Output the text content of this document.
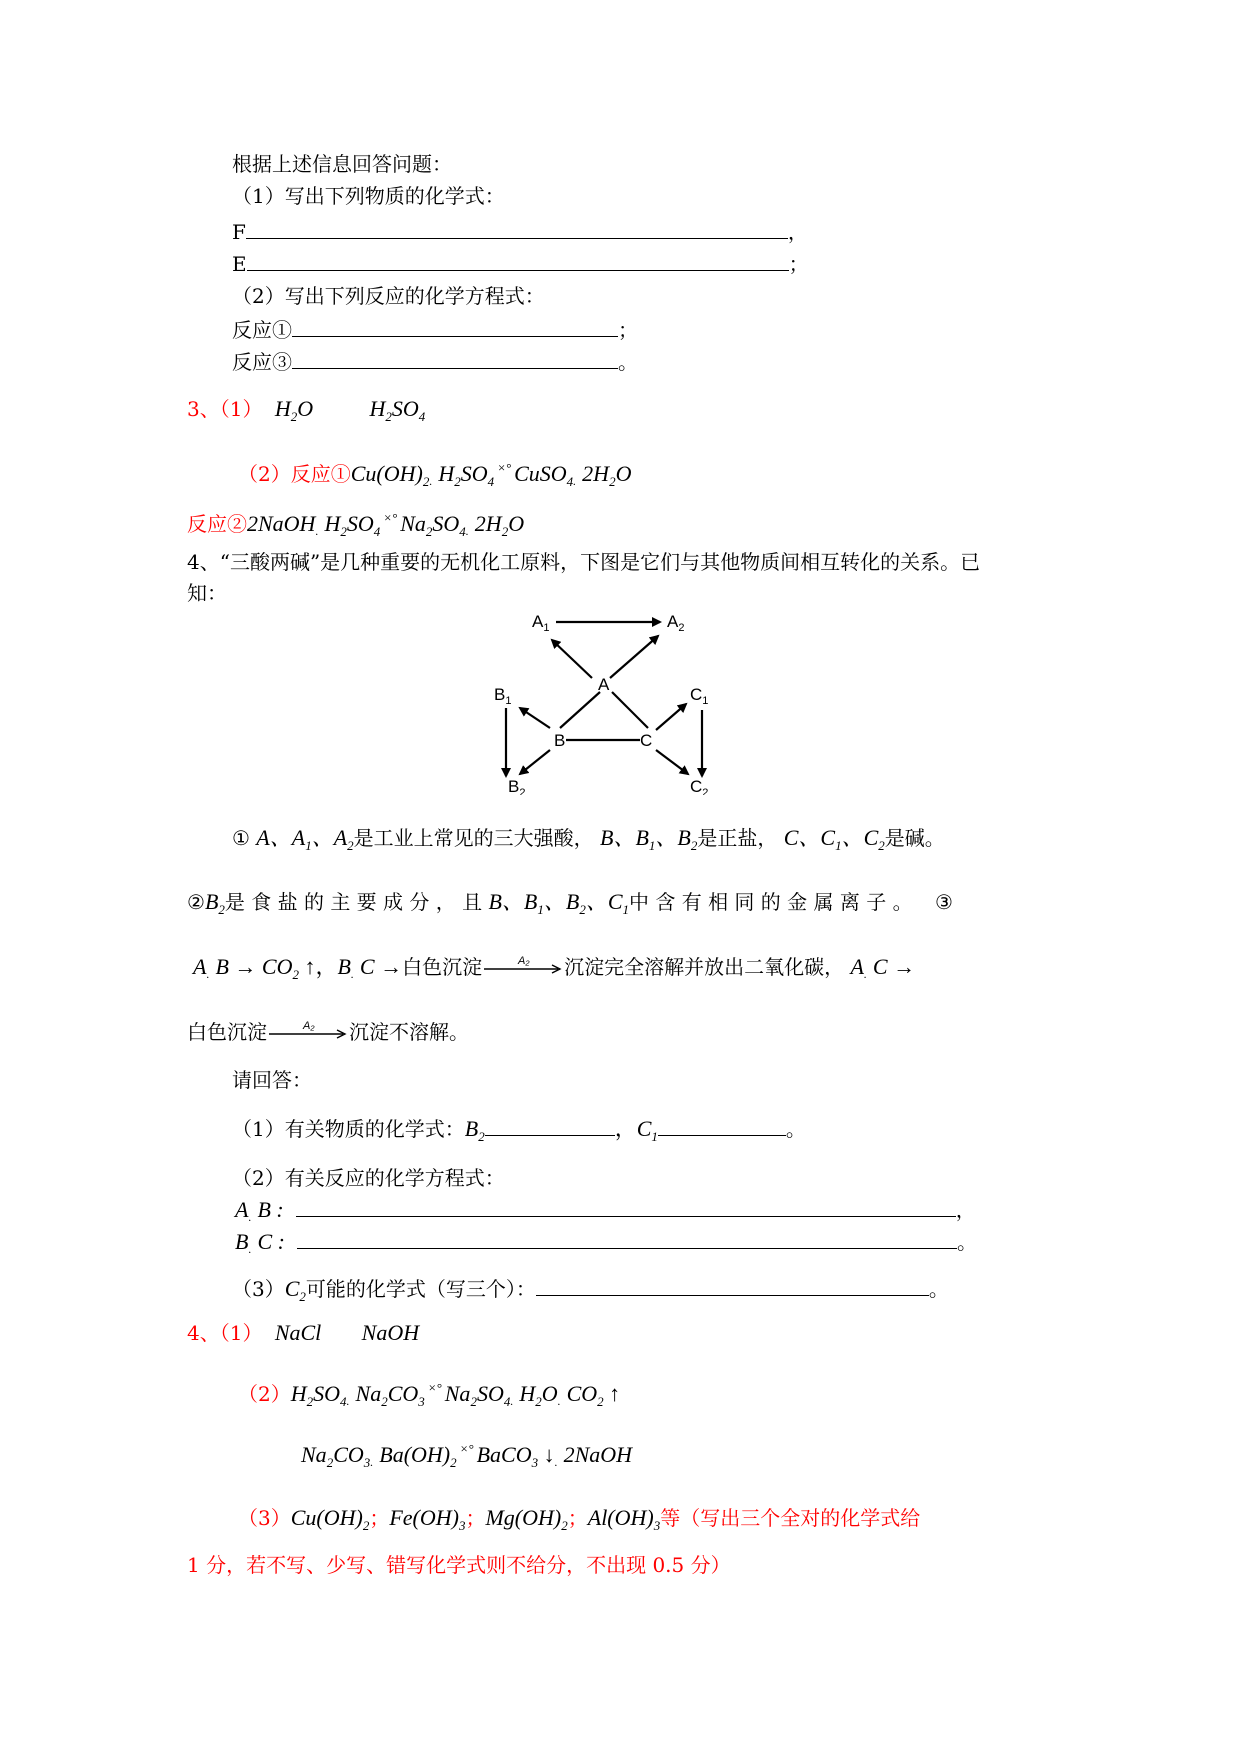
根据上述信息回答问题：
（1）写出下列物质的化学式：
F	，
E	；
（2）写出下列反应的化学方程式：
反应①	；
反应③	。
3、（1） $H_2O$	$H_2SO_4$
（2）反应$①Cu(OH)_2$. $H_2SO_4^{\times^\circ}$ CuSO$_4$. $2H_2O$
反应②2NaOH. $H_2SO_4^{\times^\circ}$ $Na_2SO_4$. $2H_2O$
4、“三酸两碱”是几种重要的无机化工原料，下图是它们与其他物质间相互转化的关系。已
知：
$A_1$	$A_2$
A
$B_1$
B
$B_2$
C
$C_1$
$C_2$
① A、$A_1$、$A_2$是工业上常见的三大强酸， B、$B_1$、$B_2$是正盐， C、$C_1$、$C_2$是碱。
$②B_2$是 食 盐 的 主 要 成 分 ， 且 B、$B_1$、$B_2$、$C_1$中 含 有 相 同 的 金 属 离 子 。 ③
A. $B \to CO_2$ ↑，B. C →白色沉淀	A₂ 沉淀完全溶解并放出二氧化碳， A. C →
白色沉淀	A₂ 沉淀不溶解。
请回答：
（1）有关物质的化学式：$B_2$	，$C_1$	。
（2）有关反应的化学方程式：
A. B :	，
B. C :	。
$(3)C_2$可能的化学式（写三个）：	。
4、（1） NaCl NaOH
$(2)H_2SO_4$. $Na_2CO_3^{\times^\circ}$ $Na_2SO_4$. $H_2O$. $CO_2$ ↑
$Na_2CO_3$. $Ba(OH)_2^{\times^\circ}$ BaCO$_3$ ↓. 2NaOH
$(3)Cu(OH)_2$；$Fe(OH)_3$；$Mg(OH)_2$；$Al(OH)_3$等（写出三个全对的化学式给
1 分，若不写、少写、错写化学式则不给分，不出现 0.5 分）
